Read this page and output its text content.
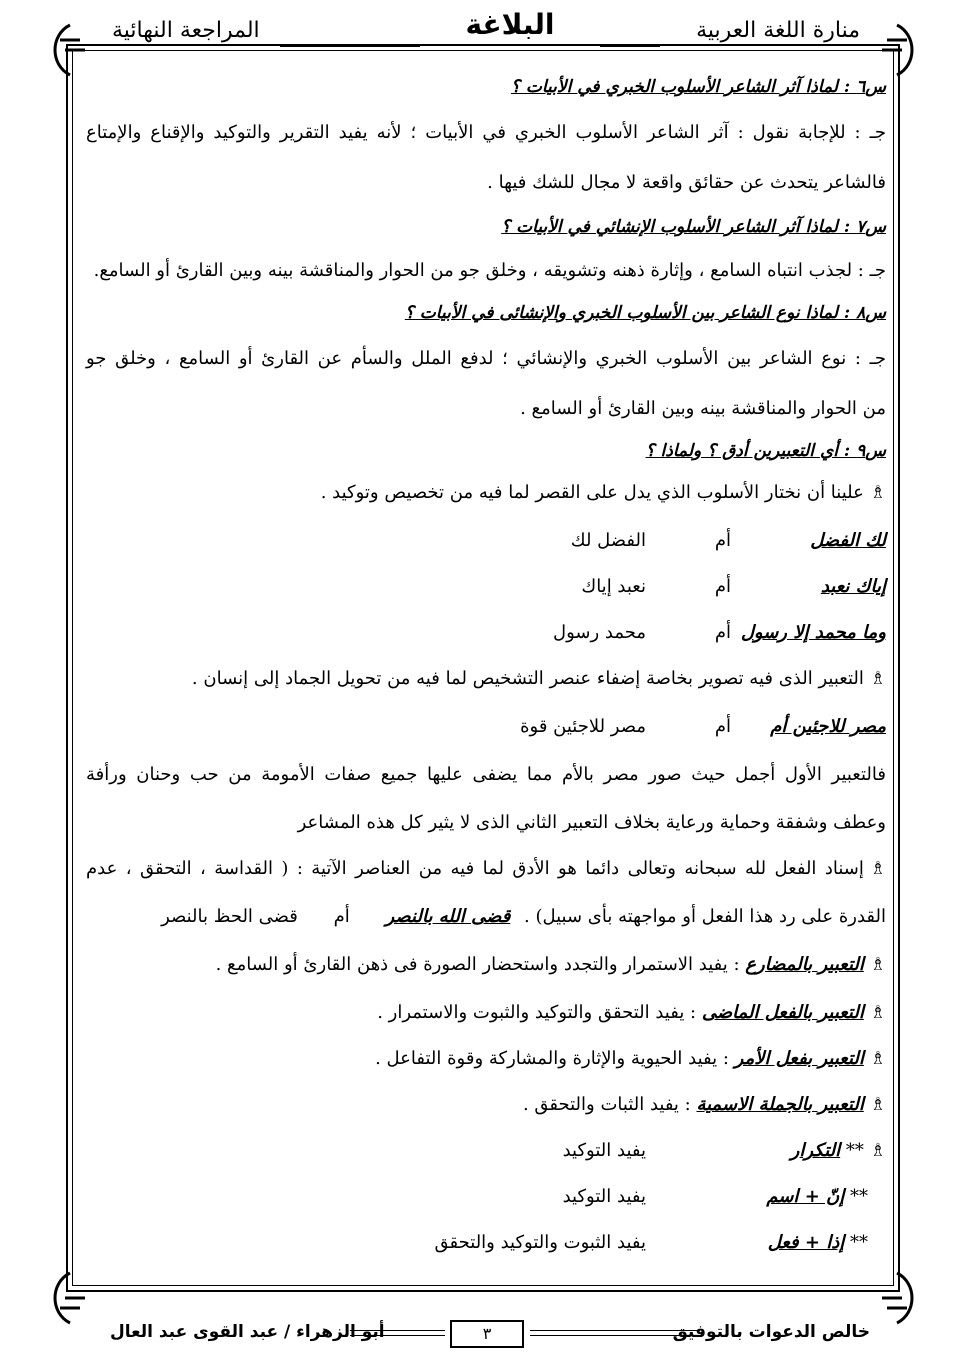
المراجعة النهائية	البلاغة	منارة اللغة العربية
س٦ : لماذا آثر الشاعر الأسلوب الخبري في الأبيات ؟
جـ : للإجابة نقول : آثر الشاعر الأسلوب الخبري في الأبيات ؛ لأنه يفيد التقرير والتوكيد والإقناع والإمتاع
فالشاعر يتحدث عن حقائق واقعة لا مجال للشك فيها .
س٧ : لماذا آثر الشاعر الأسلوب الإنشائي في الأبيات ؟
جـ : لجذب انتباه السامع ، وإثارة ذهنه وتشويقه ، وخلق جو من الحوار والمناقشة بينه وبين القارئ أو السامع.
س٨ : لماذا نوع الشاعر بين الأسلوب الخبري والإنشائى في الأبيات ؟
جـ : نوع الشاعر بين الأسلوب الخبري والإنشائي ؛ لدفع الملل والسأم عن القارئ أو السامع ، وخلق جو
من الحوار والمناقشة بينه وبين القارئ أو السامع .
س٩ : أي التعبيرين أدق ؟ ولماذا ؟
♗علينا أن نختار الأسلوب الذي يدل على القصر لما فيه من تخصيص وتوكيد .
لك الفضل
أم
الفضل لك
إياك نعبد
أم
نعبد إياك
وما محمد إلا رسول
أم
محمد رسول
♗التعبير الذى فيه تصوير بخاصة إضفاء عنصر التشخيص لما فيه من تحويل الجماد إلى إنسان .
مصر للاجئين أم
أم
مصر للاجئين قوة
فالتعبير الأول أجمل حيث صور مصر بالأم مما يضفى عليها جميع صفات الأمومة من حب وحنان ورأفة
وعطف وشفقة وحماية ورعاية بخلاف التعبير الثاني الذى لا يثير كل هذه المشاعر
♗إسناد الفعل لله سبحانه وتعالى دائما هو الأدق لما فيه من العناصر الآتية : ( القداسة ، التحقق ، عدم
القدرة على رد هذا الفعل أو مواجهته بأى سبيل) . قضى الله بالنصر أم قضى الحظ بالنصر
♗التعبير بالمضارع : يفيد الاستمرار والتجدد واستحضار الصورة فى ذهن القارئ أو السامع .
♗التعبير بالفعل الماضى : يفيد التحقق والتوكيد والثبوت والاستمرار .
♗التعبير بفعل الأمر : يفيد الحيوية والإثارة والمشاركة وقوة التفاعل .
♗التعبير بالجملة الاسمية : يفيد الثبات والتحقق .
♗** التكرار
يفيد التوكيد
** إنّ + اسم
يفيد التوكيد
** إذا + فعل
يفيد الثبوت والتوكيد والتحقق
خالص الدعوات بالتوفيق
٣
أبو الزهراء / عبد القوى عبد العال
